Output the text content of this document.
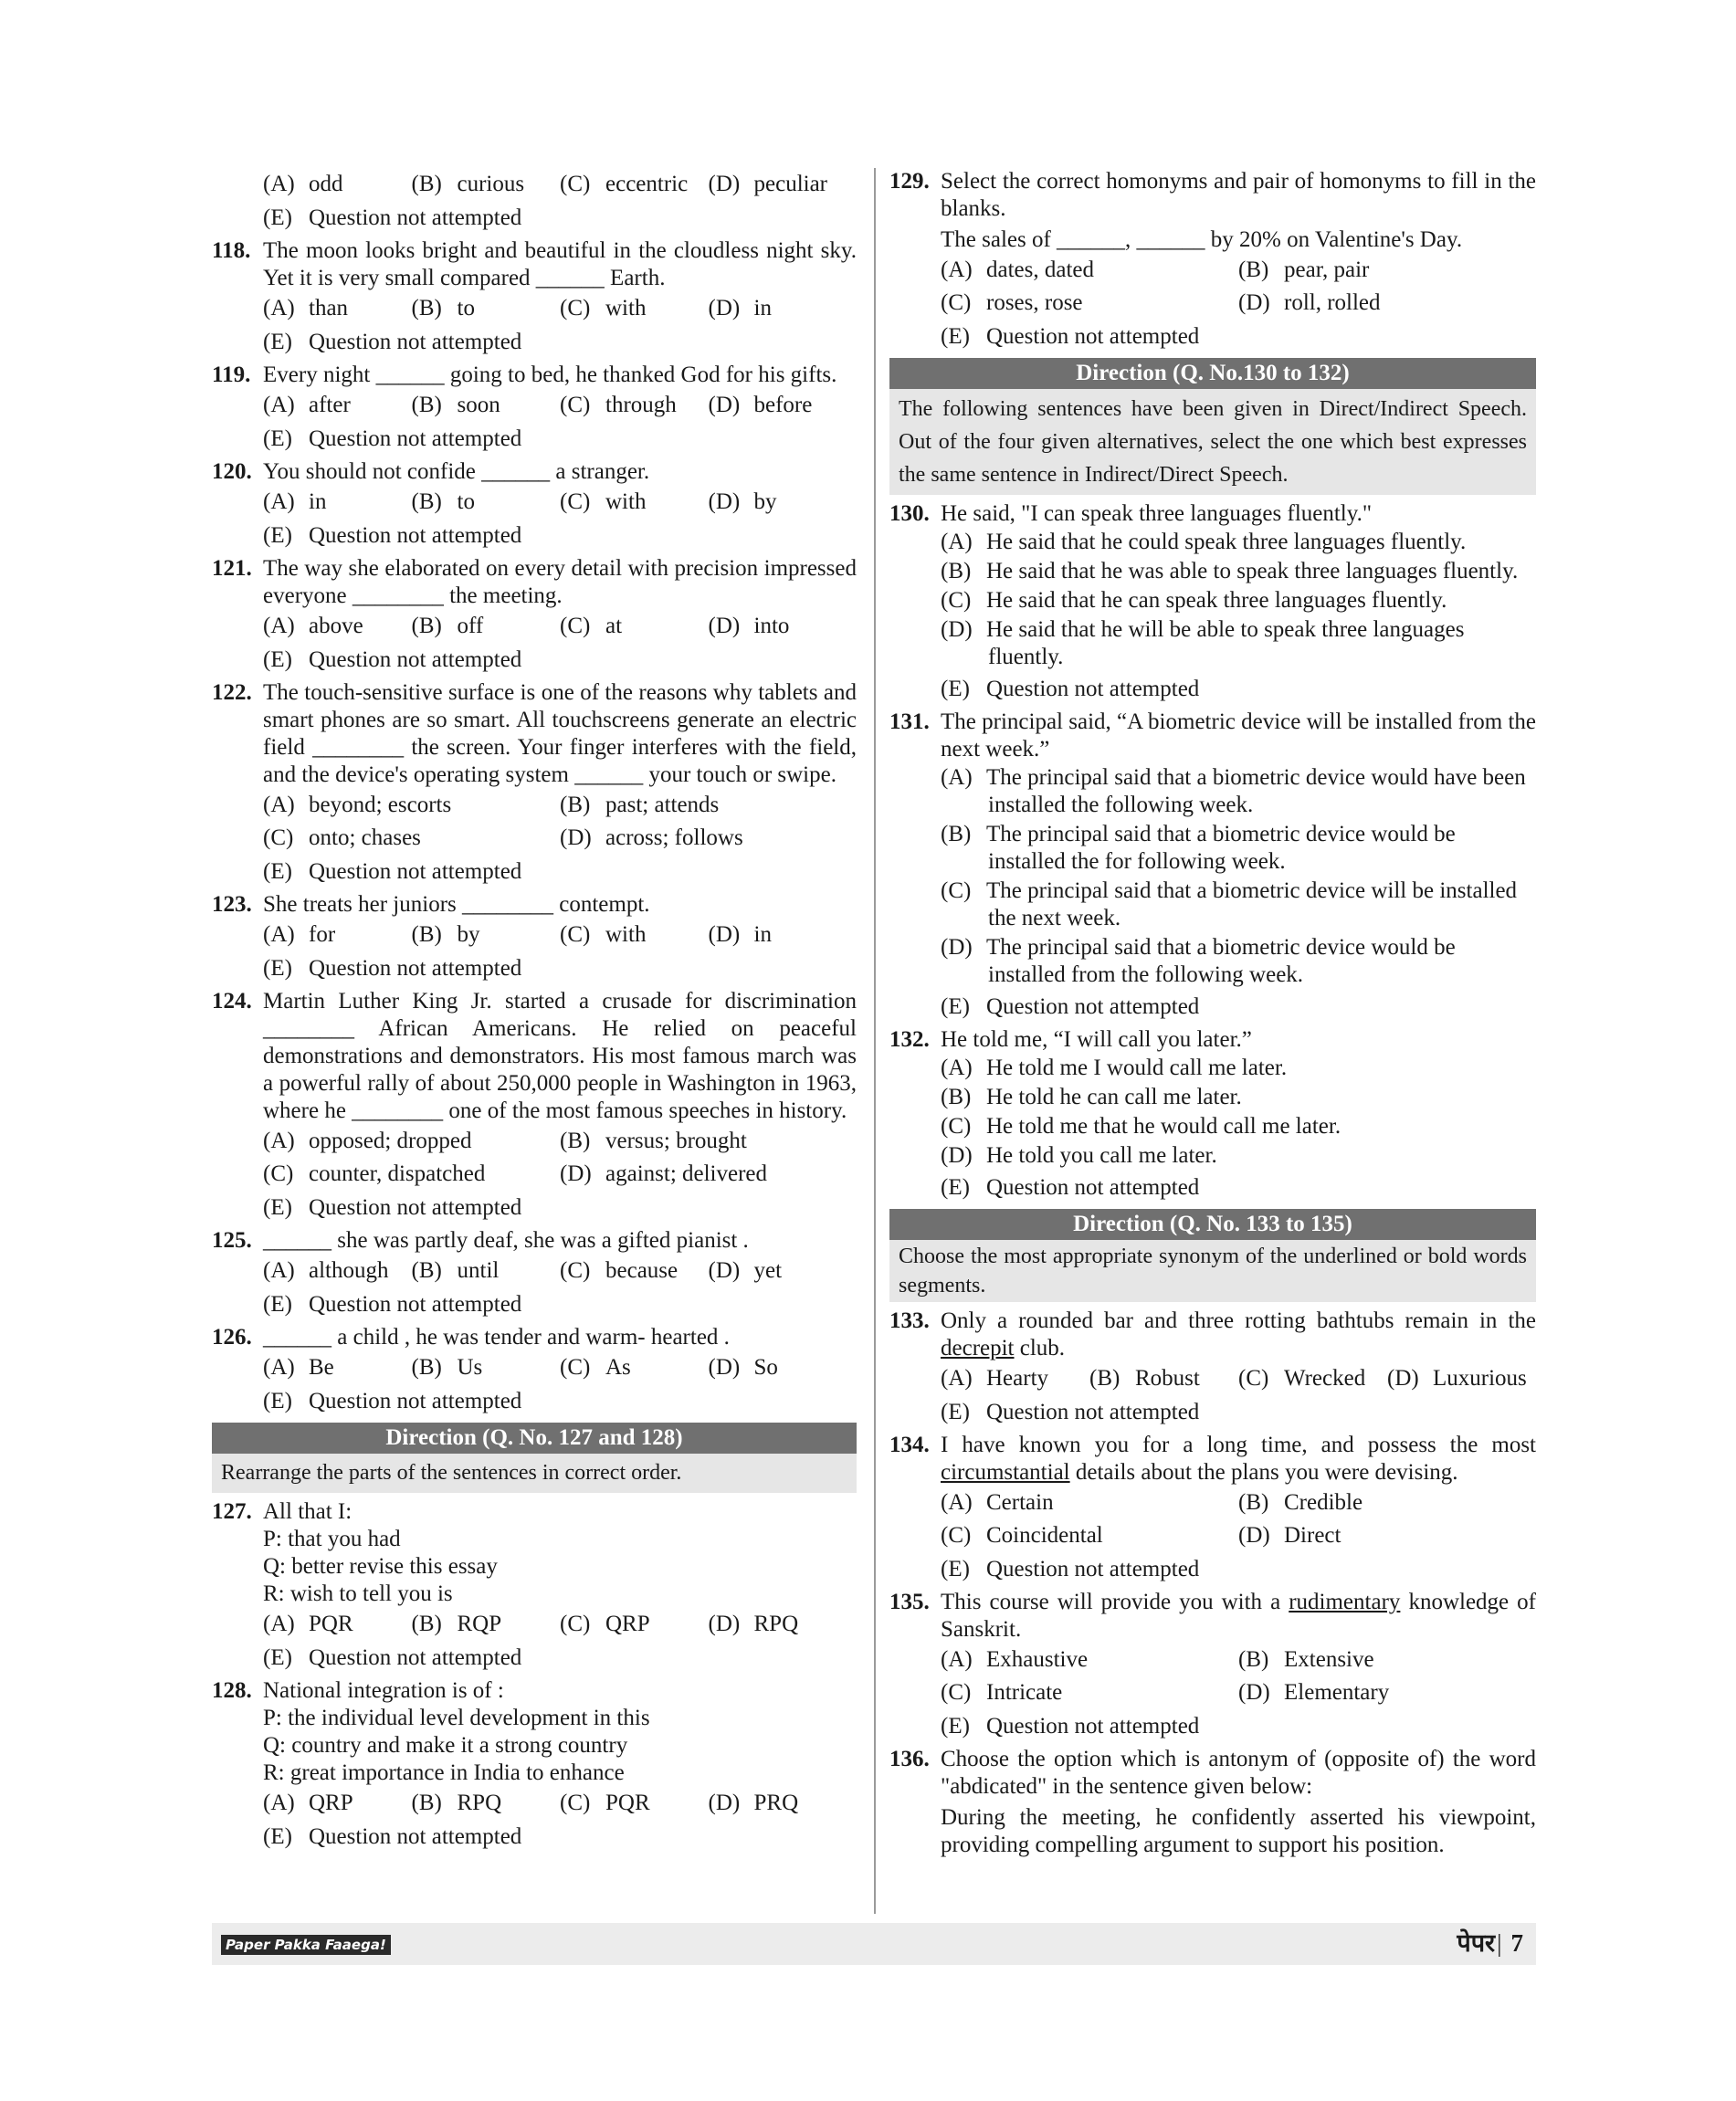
(A) odd	(B) curious	(C) eccentric (D) peculiar
(E) Question not attempted
118. The moon looks bright and beautiful in the cloudless night sky. Yet it is very small compared ______ Earth.
(A) than	(B) to	(C) with	(D) in
(E) Question not attempted
119. Every night ______ going to bed, he thanked God for his gifts.
(A) after	(B) soon	(C) through	(D) before
(E) Question not attempted
120. You should not confide ______ a stranger.
(A) in	(B) to	(C) with	(D) by
(E) Question not attempted
121. The way she elaborated on every detail with precision impressed everyone ________ the meeting.
(A) above	(B) off	(C) at	(D) into
(E) Question not attempted
122. The touch-sensitive surface is one of the reasons why tablets and smart phones are so smart. All touchscreens generate an electric field ________ the screen. Your finger interferes with the field, and the device's operating system ______ your touch or swipe.
(A) beyond; escorts	(B) past; attends
(C) onto; chases	(D) across; follows
(E) Question not attempted
123. She treats her juniors ________ contempt.
(A) for	(B) by	(C) with	(D) in
(E) Question not attempted
124. Martin Luther King Jr. started a crusade for discrimination ________ African Americans. He relied on peaceful demonstrations and demonstrators. His most famous march was a powerful rally of about 250,000 people in Washington in 1963, where he ________ one of the most famous speeches in history.
(A) opposed; dropped	(B) versus; brought
(C) counter, dispatched	(D) against; delivered
(E) Question not attempted
125. ______ she was partly deaf, she was a gifted pianist .
(A) although	(B) until	(C) because	(D) yet
(E) Question not attempted
126. ______ a child , he was tender and warm- hearted .
(A) Be	(B) Us	(C) As	(D) So
(E) Question not attempted
Direction (Q. No. 127 and 128)
Rearrange the parts of the sentences in correct order.
127. All that I:
P: that you had
Q: better revise this essay
R: wish to tell you is
(A) PQR	(B) RQP	(C) QRP	(D) RPQ
(E) Question not attempted
128. National integration is of :
P: the individual level development in this
Q: country and make it a strong country
R: great importance in India to enhance
(A) QRP	(B) RPQ	(C) PQR	(D) PRQ
(E) Question not attempted
129. Select the correct homonyms and pair of homonyms to fill in the blanks.
The sales of ______, ______ by 20% on Valentine's Day.
(A) dates, dated	(B) pear, pair
(C) roses, rose	(D) roll, rolled
(E) Question not attempted
Direction (Q. No.130 to 132)
The following sentences have been given in Direct/Indirect Speech. Out of the four given alternatives, select the one which best expresses the same sentence in Indirect/Direct Speech.
130. He said, "I can speak three languages fluently."
(A) He said that he could speak three languages fluently.
(B) He said that he was able to speak three languages fluently.
(C) He said that he can speak three languages fluently.
(D) He said that he will be able to speak three languages fluently.
(E) Question not attempted
131. The principal said, “A biometric device will be installed from the next week.”
(A) The principal said that a biometric device would have been installed the following week.
(B) The principal said that a biometric device would be installed the for following week.
(C) The principal said that a biometric device will be installed the next week.
(D) The principal said that a biometric device would be installed from the following week.
(E) Question not attempted
132. He told me, “I will call you later.”
(A) He told me I would call me later.
(B) He told he can call me later.
(C) He told me that he would call me later.
(D) He told you call me later.
(E) Question not attempted
Direction (Q. No. 133 to 135)
Choose the most appropriate synonym of the underlined or bold words segments.
133. Only a rounded bar and three rotting bathtubs remain in the decrepit club.
(A) Hearty	(B) Robust	(C) Wrecked (D) Luxurious
(E) Question not attempted
134. I have known you for a long time, and possess the most circumstantial details about the plans you were devising.
(A) Certain	(B) Credible
(C) Coincidental	(D) Direct
(E) Question not attempted
135. This course will provide you with a rudimentary knowledge of Sanskrit.
(A) Exhaustive	(B) Extensive
(C) Intricate	(D) Elementary
(E) Question not attempted
136. Choose the option which is antonym of (opposite of) the word "abdicated" in the sentence given below:
During the meeting, he confidently asserted his viewpoint, providing compelling argument to support his position.
Paper Pakka Faaega!	पेपर| 7
